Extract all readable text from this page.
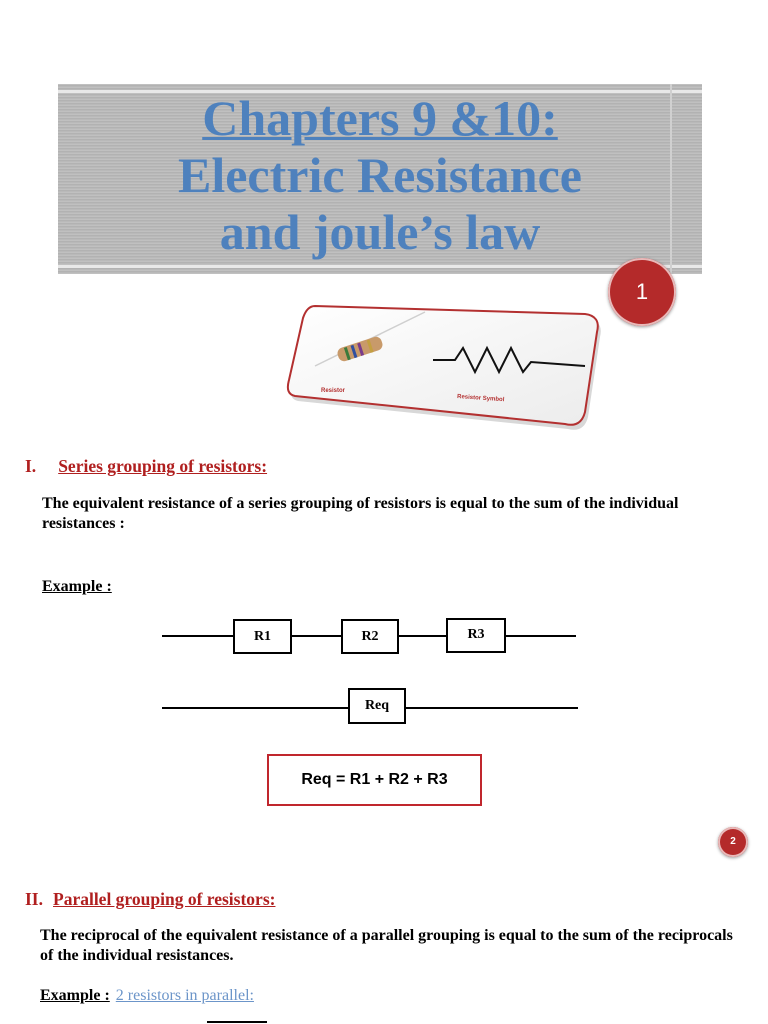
Chapters 9 &10:
Electric Resistance
and joule’s law
1
Resistor
Resistor Symbol
I. Series grouping of resistors:
The equivalent resistance of a series grouping of resistors is equal to the sum of the individual resistances :
Example :
R1	R2	R3
Req
Req = R1 + R2 + R3
2
II. Parallel grouping of resistors:
The reciprocal of the equivalent resistance of a parallel grouping is equal to the sum of the reciprocals of the individual resistances.
Example : 2 resistors in parallel:
